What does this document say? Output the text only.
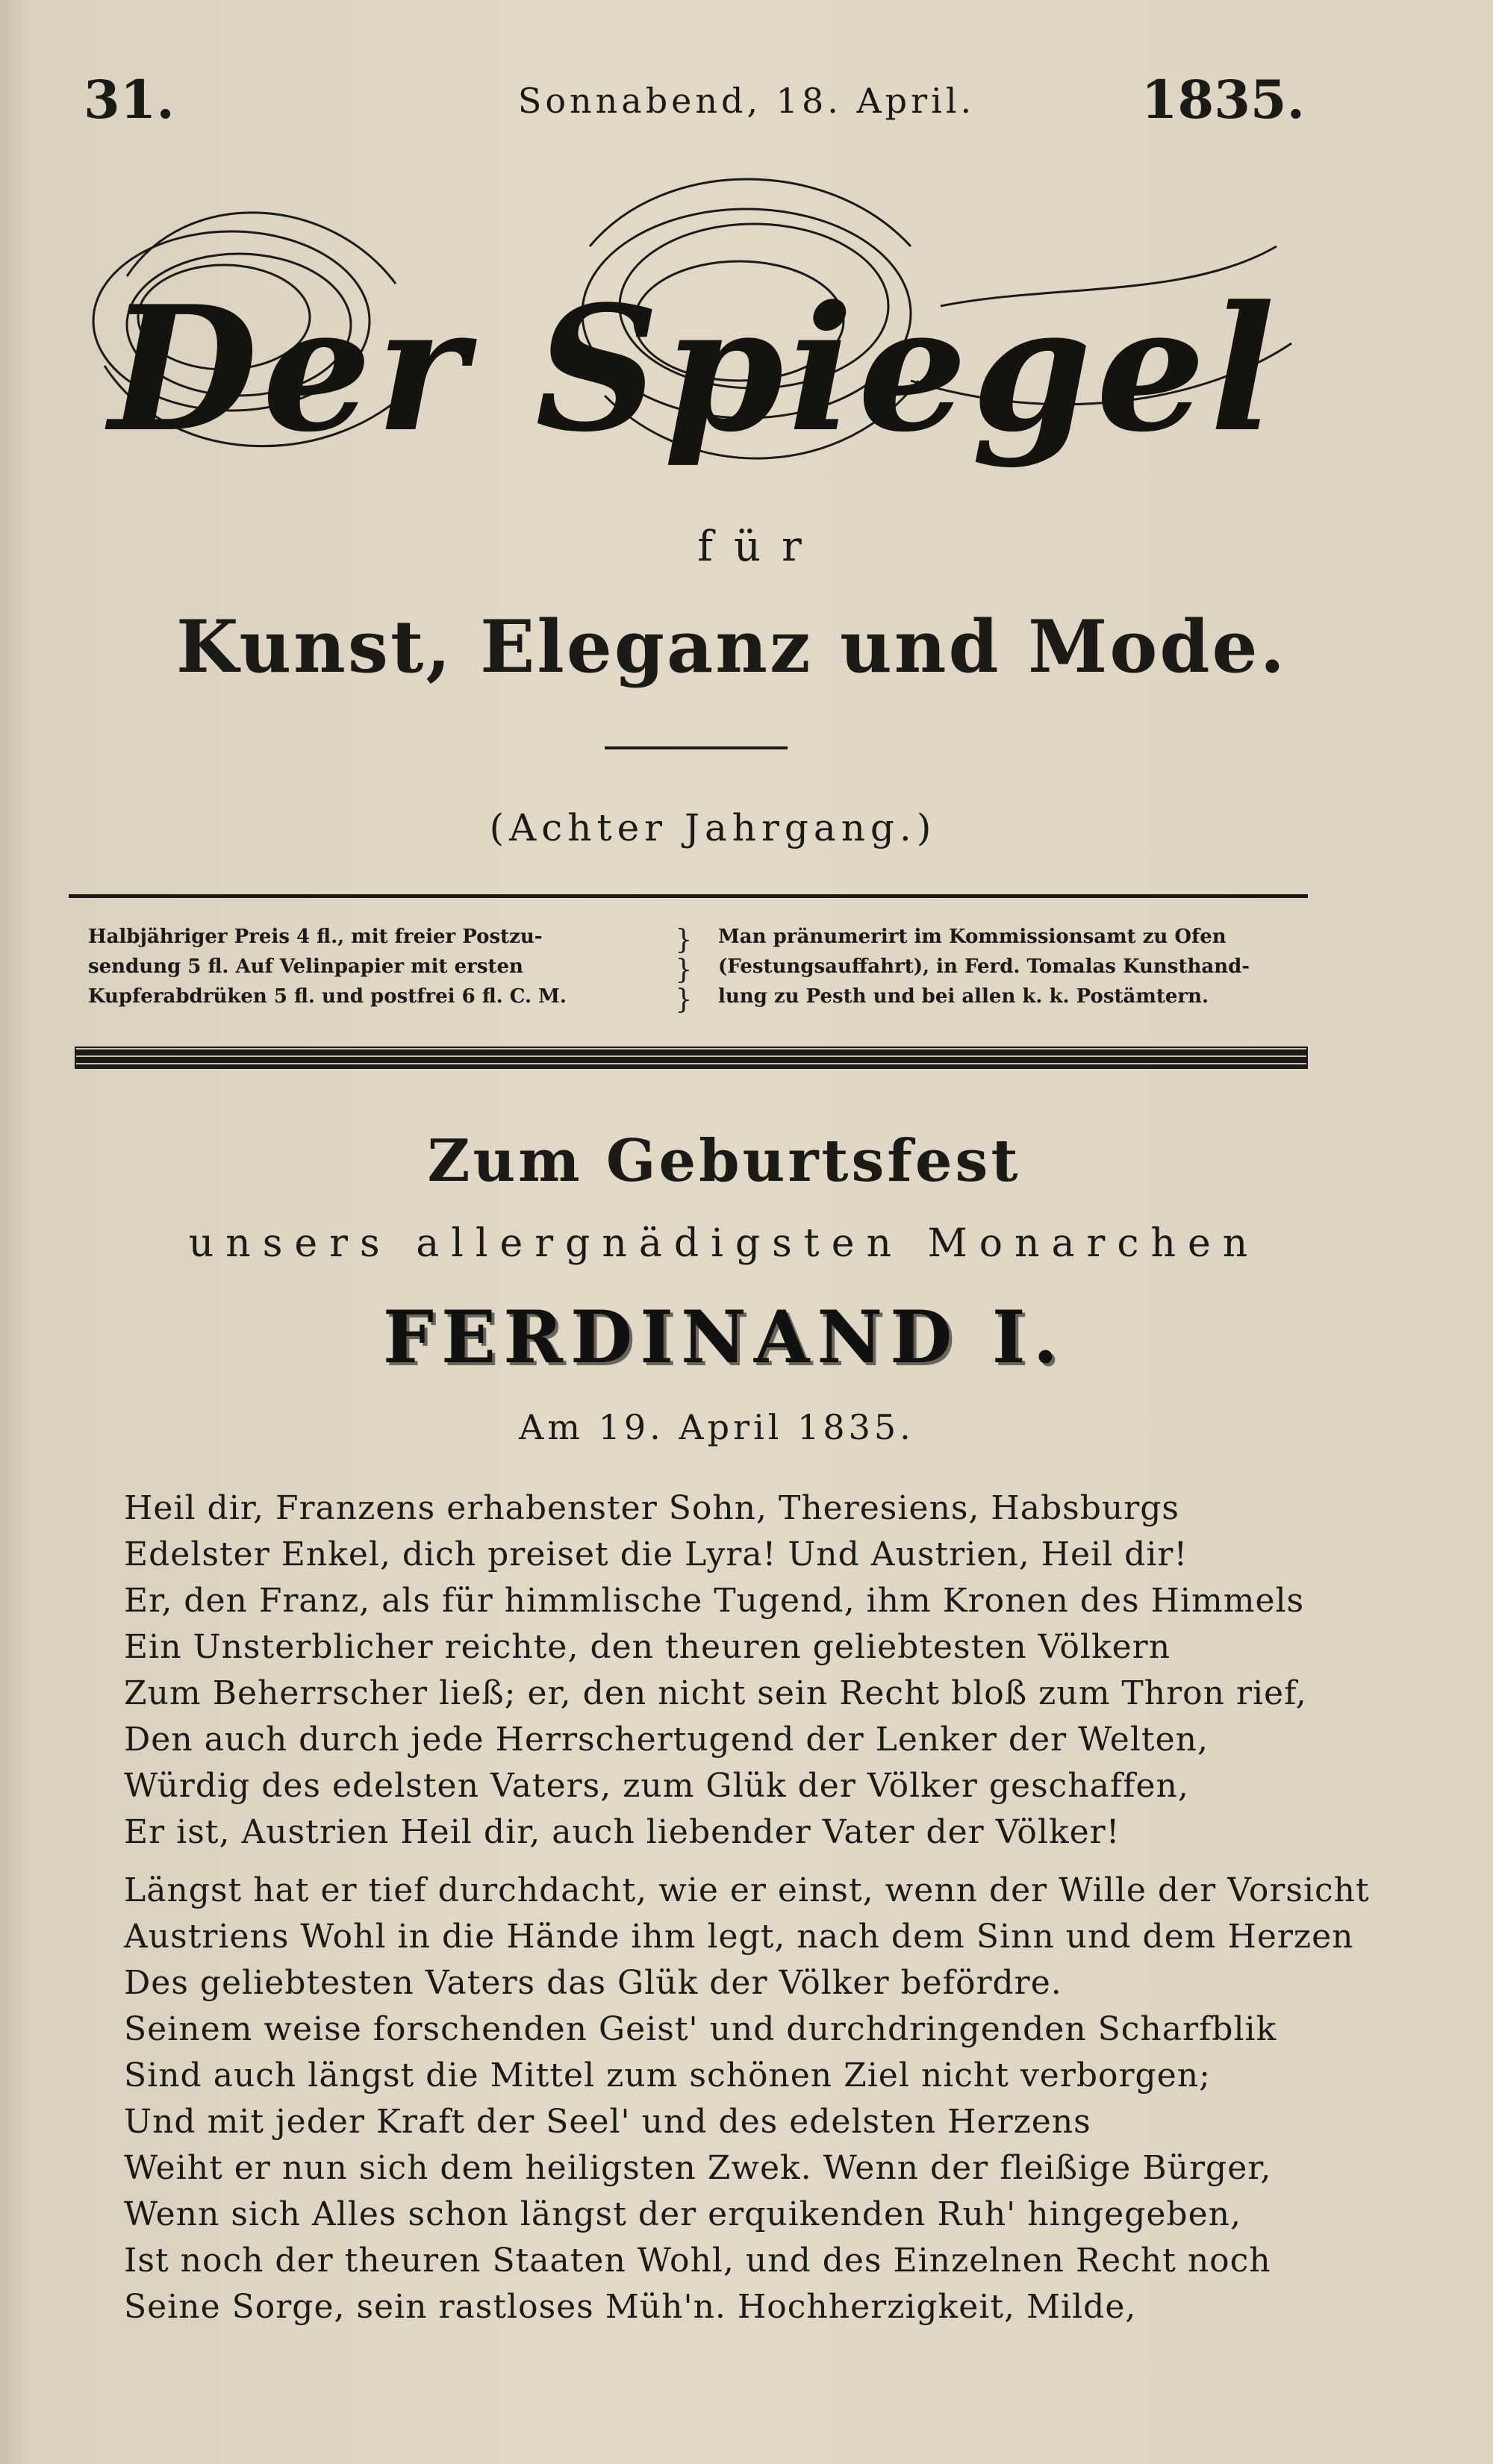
31.	Sonnabend, 18. April.	1835.
Der Spiegel
für
Kunst, Eleganz und Mode.
(Achter Jahrgang.)
Halbjähriger Preis 4 fl., mit freier Postzu-
sendung 5 fl. Auf Velinpapier mit ersten
Kupferabdrüken 5 fl. und postfrei 6 fl. C. M.
}
}
}
Man pränumerirt im Kommissionsamt zu Ofen
(Festungsauffahrt), in Ferd. Tomalas Kunsthand-
lung zu Pesth und bei allen k. k. Postämtern.
Zum Geburtsfest
unsers allergnädigsten Monarchen
FERDINAND I.
Am 19. April 1835.
Heil dir, Franzens erhabenster Sohn, Theresiens, Habsburgs
Edelster Enkel, dich preiset die Lyra! Und Austrien, Heil dir!
Er, den Franz, als für himmlische Tugend, ihm Kronen des Himmels
Ein Unsterblicher reichte, den theuren geliebtesten Völkern
Zum Beherrscher ließ; er, den nicht sein Recht bloß zum Thron rief,
Den auch durch jede Herrschertugend der Lenker der Welten,
Würdig des edelsten Vaters, zum Glük der Völker geschaffen,
Er ist, Austrien Heil dir, auch liebender Vater der Völker!
Längst hat er tief durchdacht, wie er einst, wenn der Wille der Vorsicht
Austriens Wohl in die Hände ihm legt, nach dem Sinn und dem Herzen
Des geliebtesten Vaters das Glük der Völker befördre.
Seinem weise forschenden Geist' und durchdringenden Scharfblik
Sind auch längst die Mittel zum schönen Ziel nicht verborgen;
Und mit jeder Kraft der Seel' und des edelsten Herzens
Weiht er nun sich dem heiligsten Zwek. Wenn der fleißige Bürger,
Wenn sich Alles schon längst der erquikenden Ruh' hingegeben,
Ist noch der theuren Staaten Wohl, und des Einzelnen Recht noch
Seine Sorge, sein rastloses Müh'n. Hochherzigkeit, Milde,
